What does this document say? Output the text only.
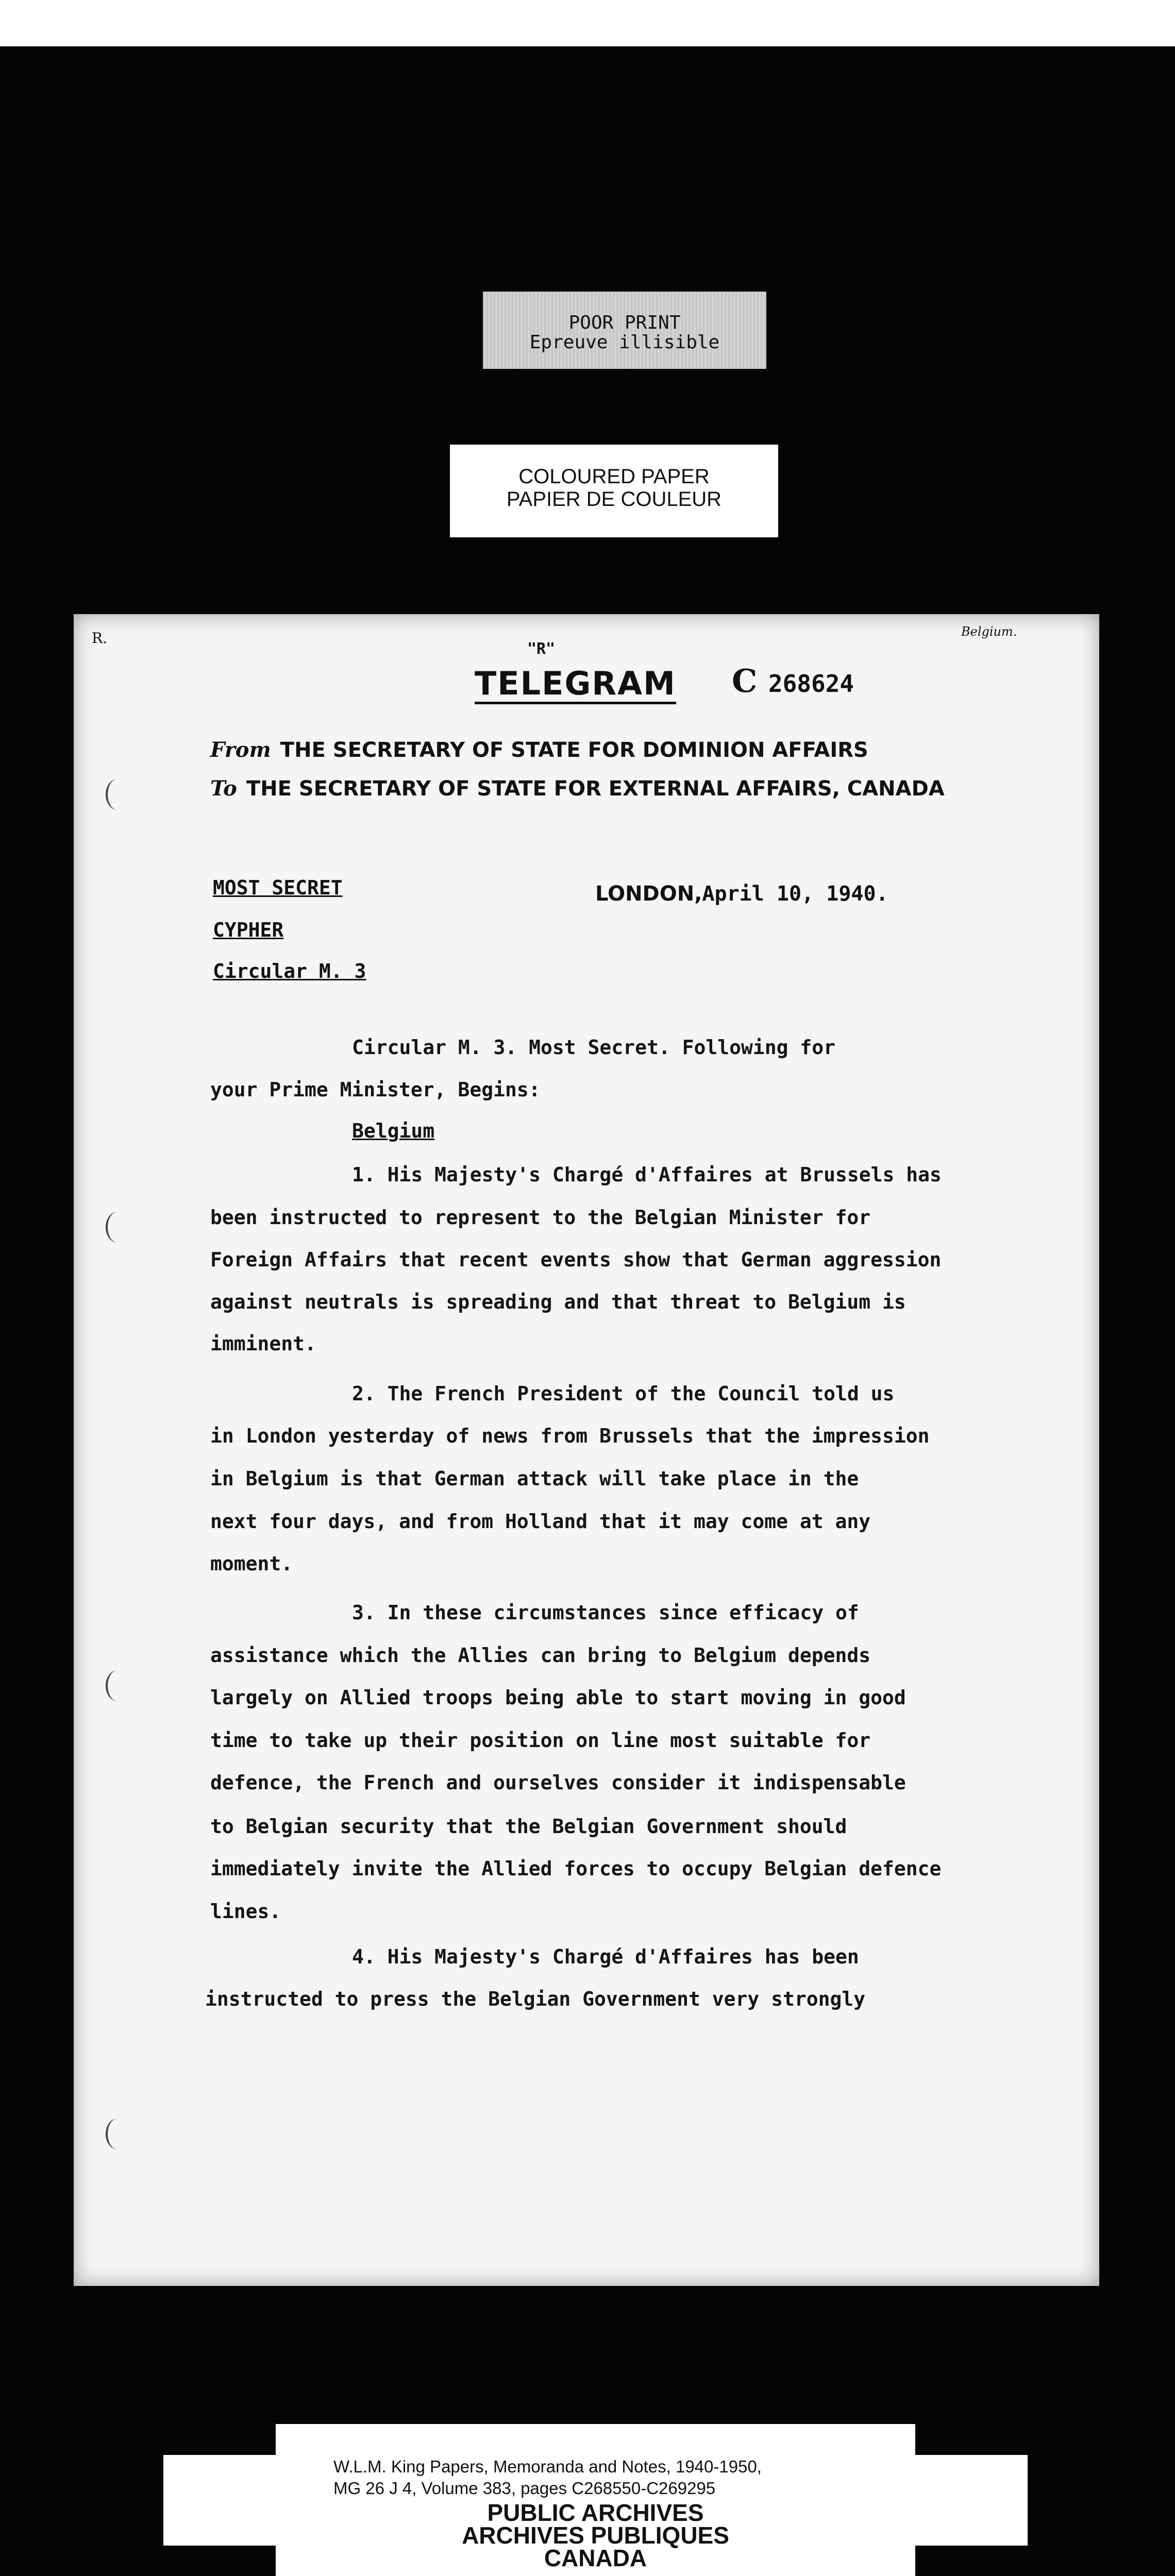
POOR PRINT
Epreuve illisible
COLOURED PAPER
PAPIER DE COULEUR
R.	Belgium.
"R"
TELEGRAM C 268624
From THE SECRETARY OF STATE FOR DOMINION AFFAIRS
To THE SECRETARY OF STATE FOR EXTERNAL AFFAIRS, CANADA
MOST SECRET
CYPHER
Circular M. 3
LONDON,April 10, 1940.
Circular M. 3. Most Secret. Following for
your Prime Minister, Begins:
Belgium
1. His Majesty's Chargé d'Affaires at Brussels has
been instructed to represent to the Belgian Minister for
Foreign Affairs that recent events show that German aggression
against neutrals is spreading and that threat to Belgium is
imminent.
2. The French President of the Council told us
in London yesterday of news from Brussels that the impression
in Belgium is that German attack will take place in the
next four days, and from Holland that it may come at any
moment.
3. In these circumstances since efficacy of
assistance which the Allies can bring to Belgium depends
largely on Allied troops being able to start moving in good
time to take up their position on line most suitable for
defence, the French and ourselves consider it indispensable
to Belgian security that the Belgian Government should
immediately invite the Allied forces to occupy Belgian defence
lines.
4. His Majesty's Chargé d'Affaires has been
instructed to press the Belgian Government very strongly
W.L.M. King Papers, Memoranda and Notes, 1940-1950,
MG 26 J 4, Volume 383, pages C268550-C269295
PUBLIC ARCHIVES
ARCHIVES PUBLIQUES
CANADA
